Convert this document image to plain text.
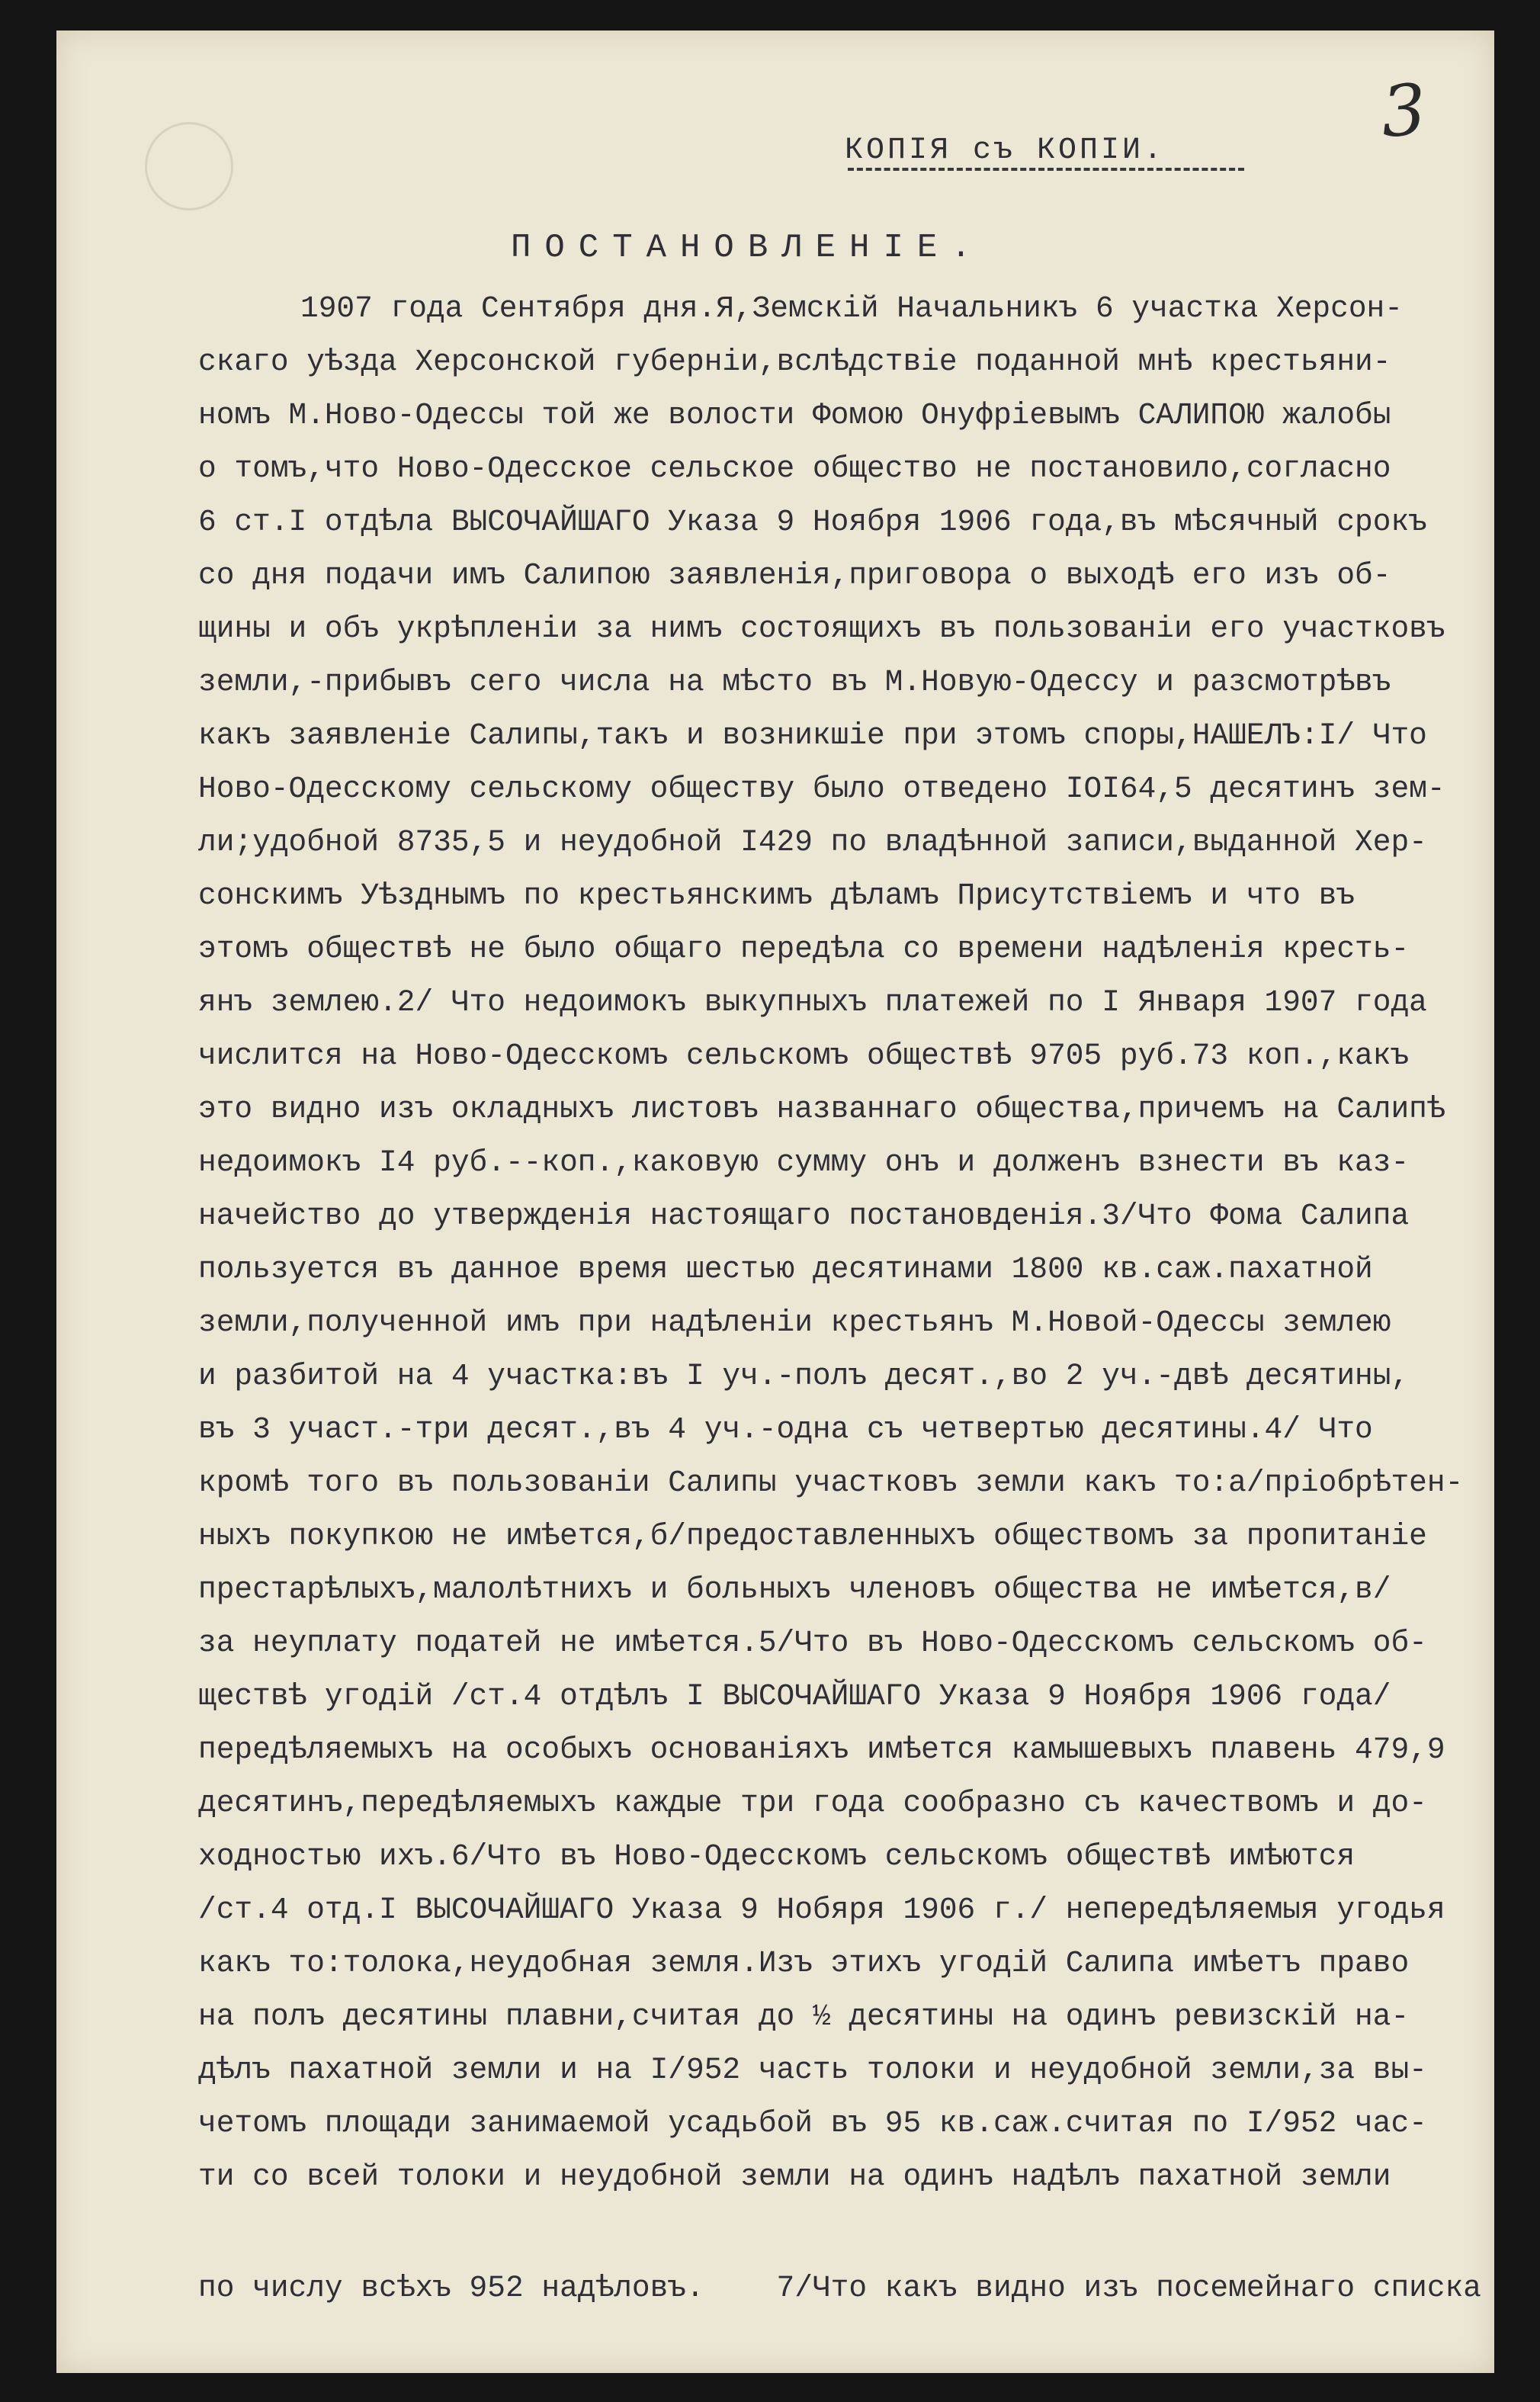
3
КОПІЯ съ КОПІИ.
ПОСТАНОВЛЕНІЕ.
1907 года Сентября дня.Я,Земскій Начальникъ 6 участка Херсон-
скаго уѣзда Херсонской губерніи,вслѣдствіе поданной мнѣ крестьяни-
номъ М.Ново-Одессы той же волости Фомою Онуфріевымъ САЛИПОЮ жалобы
о томъ,что Ново-Одесское сельское общество не постановило,согласно
6 ст.I отдѣла ВЫСОЧАЙШАГО Указа 9 Ноября 1906 года,въ мѣсячный срокъ
со дня подачи имъ Салипою заявленія,приговора о выходѣ его изъ об-
щины и объ укрѣпленіи за нимъ состоящихъ въ пользованіи его участковъ
земли,-прибывъ сего числа на мѣсто въ М.Новую-Одессу и разсмотрѣвъ
какъ заявленіе Салипы,такъ и возникшіе при этомъ споры,НАШЕЛЪ:I/ Что
Ново-Одесскому сельскому обществу было отведено IOI64,5 десятинъ зем-
ли;удобной 8735,5 и неудобной I429 по владѣнной записи,выданной Хер-
сонскимъ Уѣзднымъ по крестьянскимъ дѣламъ Присутствіемъ и что въ
этомъ обществѣ не было общаго передѣла со времени надѣленія кресть-
янъ землею.2/ Что недоимокъ выкупныхъ платежей по I Января 1907 года
числится на Ново-Одесскомъ сельскомъ обществѣ 9705 руб.73 коп.,какъ
это видно изъ окладныхъ листовъ названнаго общества,причемъ на Салипѣ
недоимокъ I4 руб.--коп.,каковую сумму онъ и долженъ взнести въ каз-
начейство до утвержденія настоящаго постановденія.3/Что Фома Салипа
пользуется въ данное время шестью десятинами 1800 кв.саж.пахатной
земли,полученной имъ при надѣленіи крестьянъ М.Новой-Одессы землею
и разбитой на 4 участка:въ I уч.-полъ десят.,во 2 уч.-двѣ десятины,
въ 3 участ.-три десят.,въ 4 уч.-одна съ четвертью десятины.4/ Что
кромѣ того въ пользованіи Салипы участковъ земли какъ то:а/пріобрѣтен-
ныхъ покупкою не имѣется,б/предоставленныхъ обществомъ за пропитаніе
престарѣлыхъ,малолѣтнихъ и больныхъ членовъ общества не имѣется,в/
за неуплату податей не имѣется.5/Что въ Ново-Одесскомъ сельскомъ об-
ществѣ угодій /ст.4 отдѣлъ I ВЫСОЧАЙШАГО Указа 9 Ноября 1906 года/
передѣляемыхъ на особыхъ основаніяхъ имѣется камышевыхъ плавень 479,9
десятинъ,передѣляемыхъ каждые три года сообразно съ качествомъ и до-
ходностью ихъ.6/Что въ Ново-Одесскомъ сельскомъ обществѣ имѣются
/ст.4 отд.I ВЫСОЧАЙШАГО Указа 9 Нобяря 1906 г./ непередѣляемыя угодья
какъ то:толока,неудобная земля.Изъ этихъ угодій Салипа имѣетъ право
на полъ десятины плавни,считая до ½ десятины на одинъ ревизскій на-
дѣлъ пахатной земли и на I/952 часть толоки и неудобной земли,за вы-
четомъ площади занимаемой усадьбой въ 95 кв.саж.считая по I/952 час-
ти со всей толоки и неудобной земли на одинъ надѣлъ пахатной земли
по числу всѣхъ 952 надѣловъ.    7/Что какъ видно изъ посемейнаго списка
